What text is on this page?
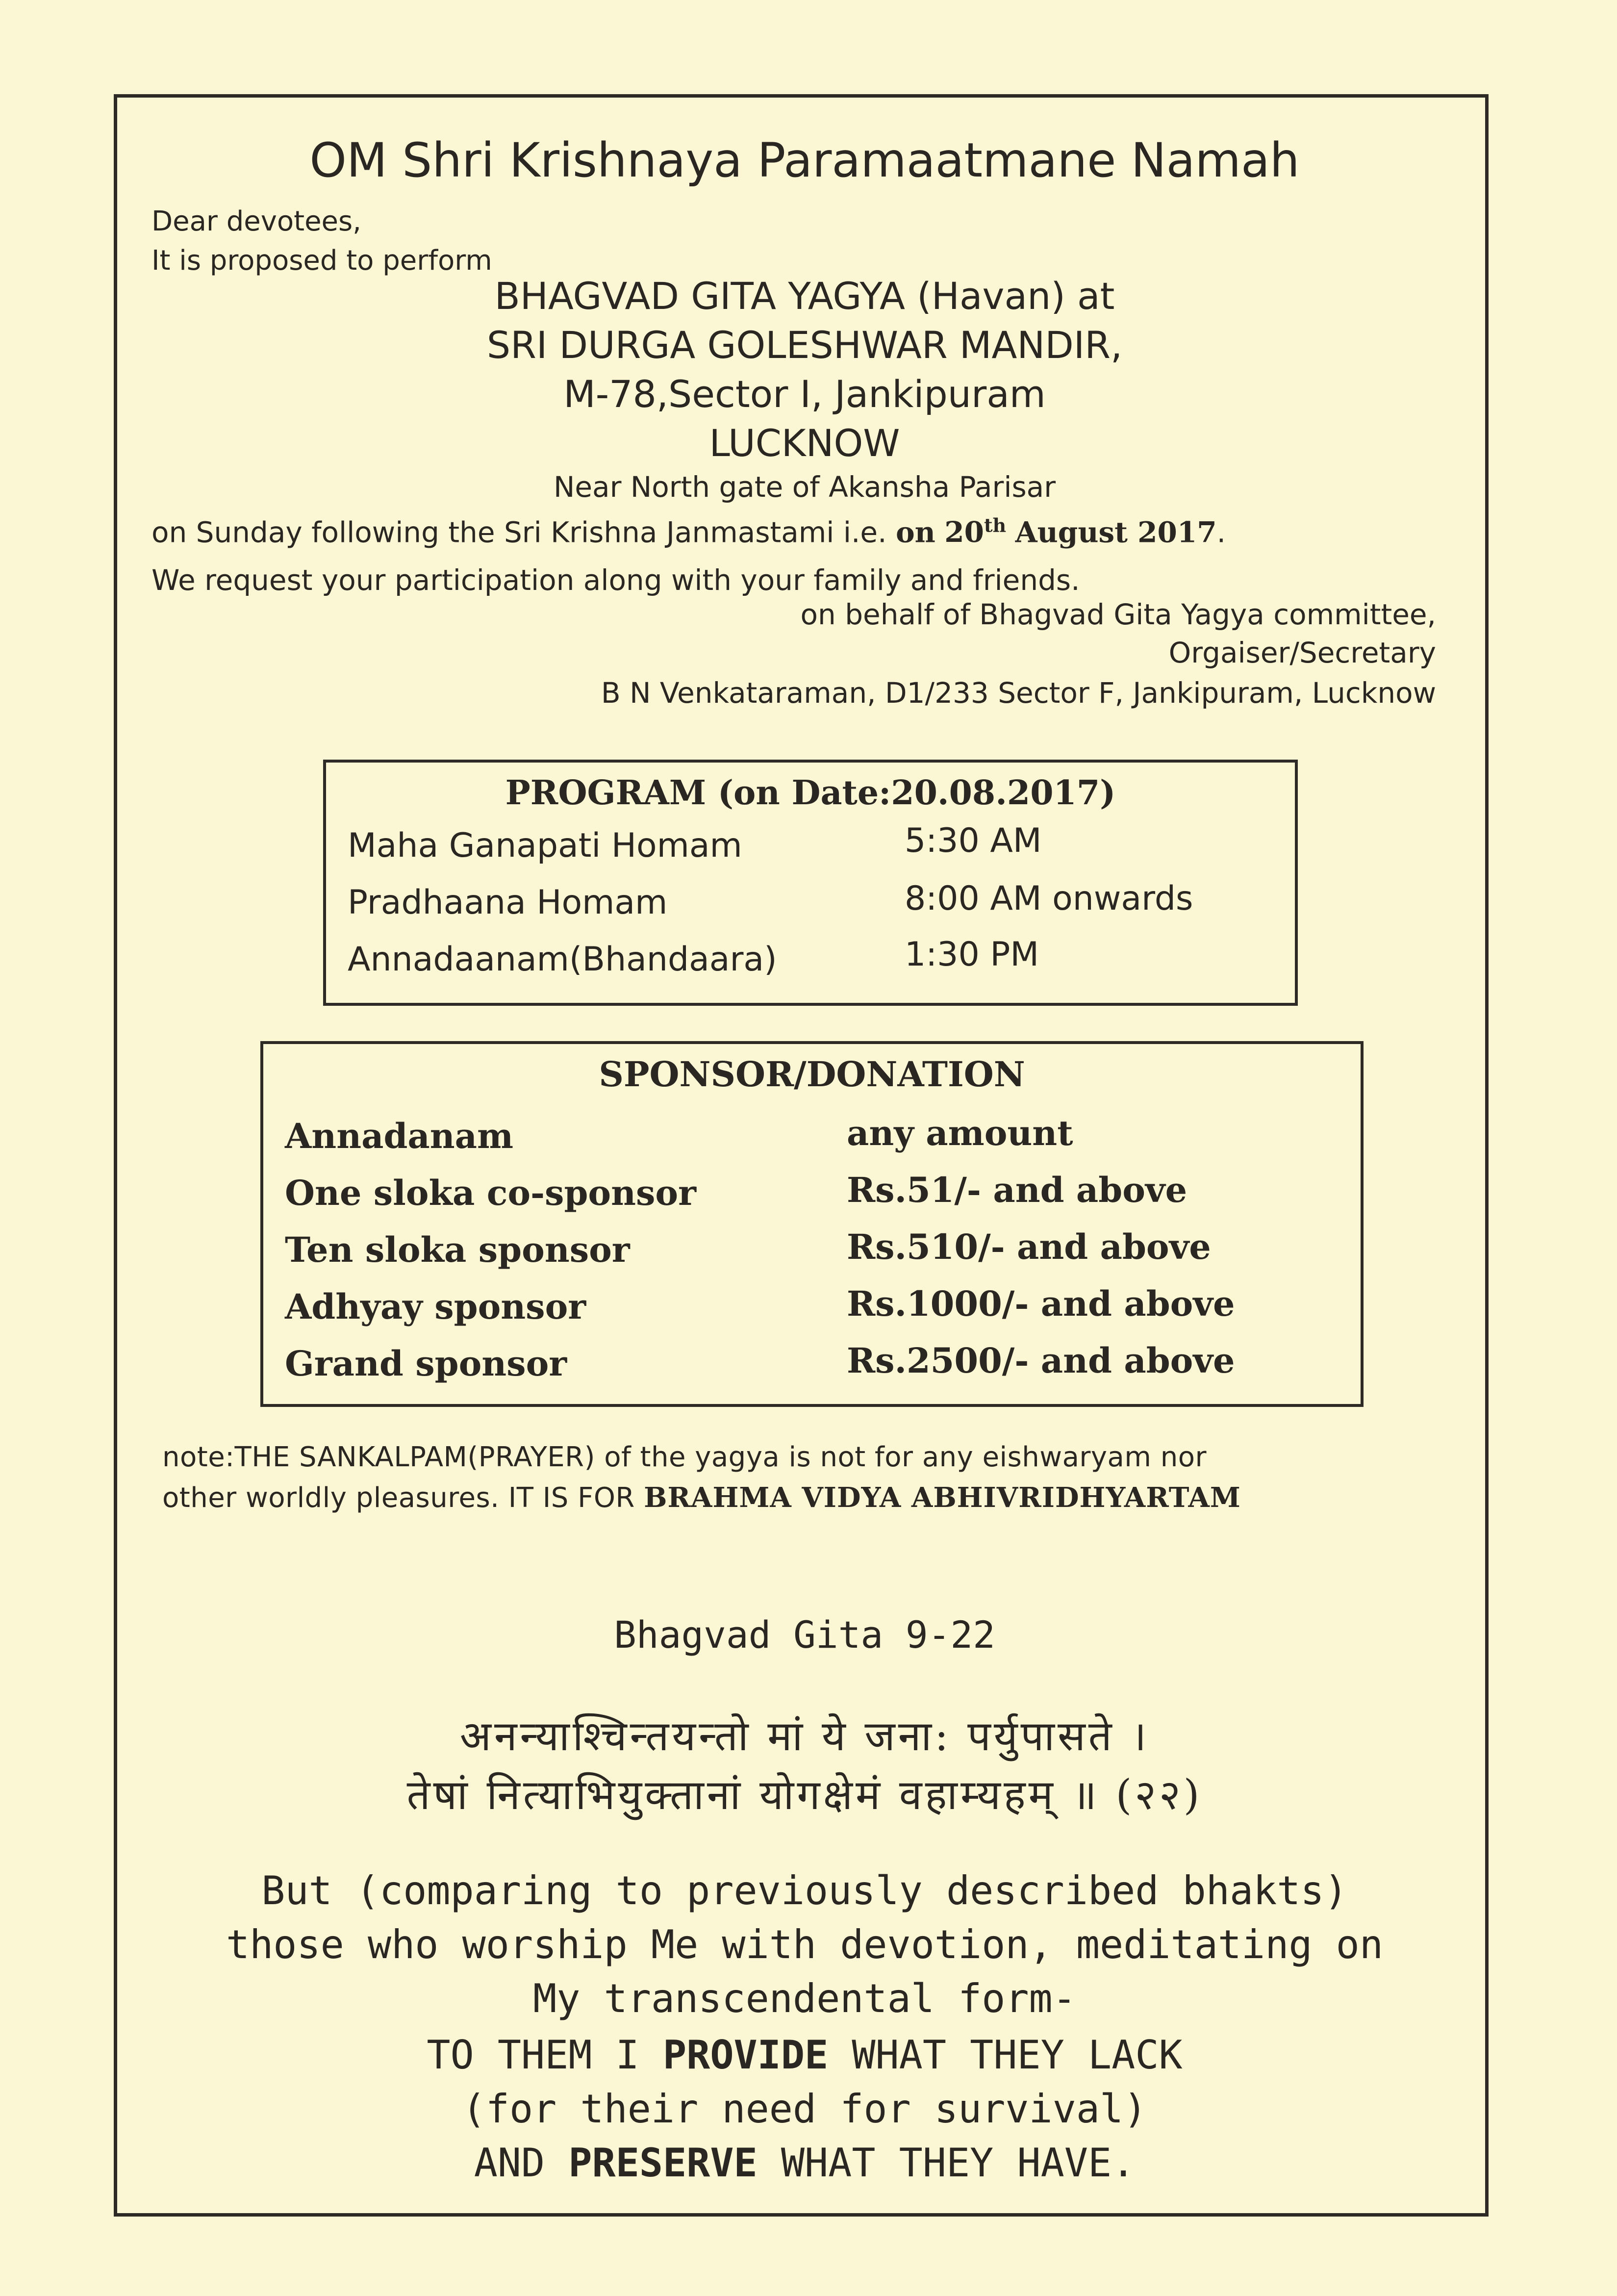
OM Shri Krishnaya Paramaatmane Namah
Dear devotees,
It is proposed to perform
BHAGVAD GITA YAGYA (Havan) at
SRI DURGA GOLESHWAR MANDIR,
M-78,Sector I, Jankipuram
LUCKNOW
Near North gate of Akansha Parisar
on Sunday following the Sri Krishna Janmastami i.e. on 20th August 2017.
We request your participation along with your family and friends.
on behalf of Bhagvad Gita Yagya committee,
Orgaiser/Secretary
B N Venkataraman, D1/233 Sector F, Jankipuram, Lucknow
PROGRAM (on Date:20.08.2017)
Maha Ganapati Homam	5:30 AM
Pradhaana Homam	8:00 AM onwards
Annadaanam(Bhandaara)	1:30 PM
SPONSOR/DONATION
Annadanam	any amount
One sloka co-sponsor	Rs.51/- and above
Ten sloka sponsor	Rs.510/- and above
Adhyay sponsor	Rs.1000/- and above
Grand sponsor	Rs.2500/- and above
note:THE SANKALPAM(PRAYER) of the yagya is not for any eishwaryam nor
other worldly pleasures. IT IS FOR BRAHMA VIDYA ABHIVRIDHYARTAM
Bhagvad Gita 9-22
अनन्याश्चिन्तयन्तो मां ये जना: पर्युपासते ।
तेषां नित्याभियुक्तानां योगक्षेमं वहाम्यहम् ॥ (२२)
But (comparing to previously described bhakts)
those who worship Me with devotion, meditating on
My transcendental form-
TO THEM I PROVIDE WHAT THEY LACK
(for their need for survival)
AND PRESERVE WHAT THEY HAVE.
